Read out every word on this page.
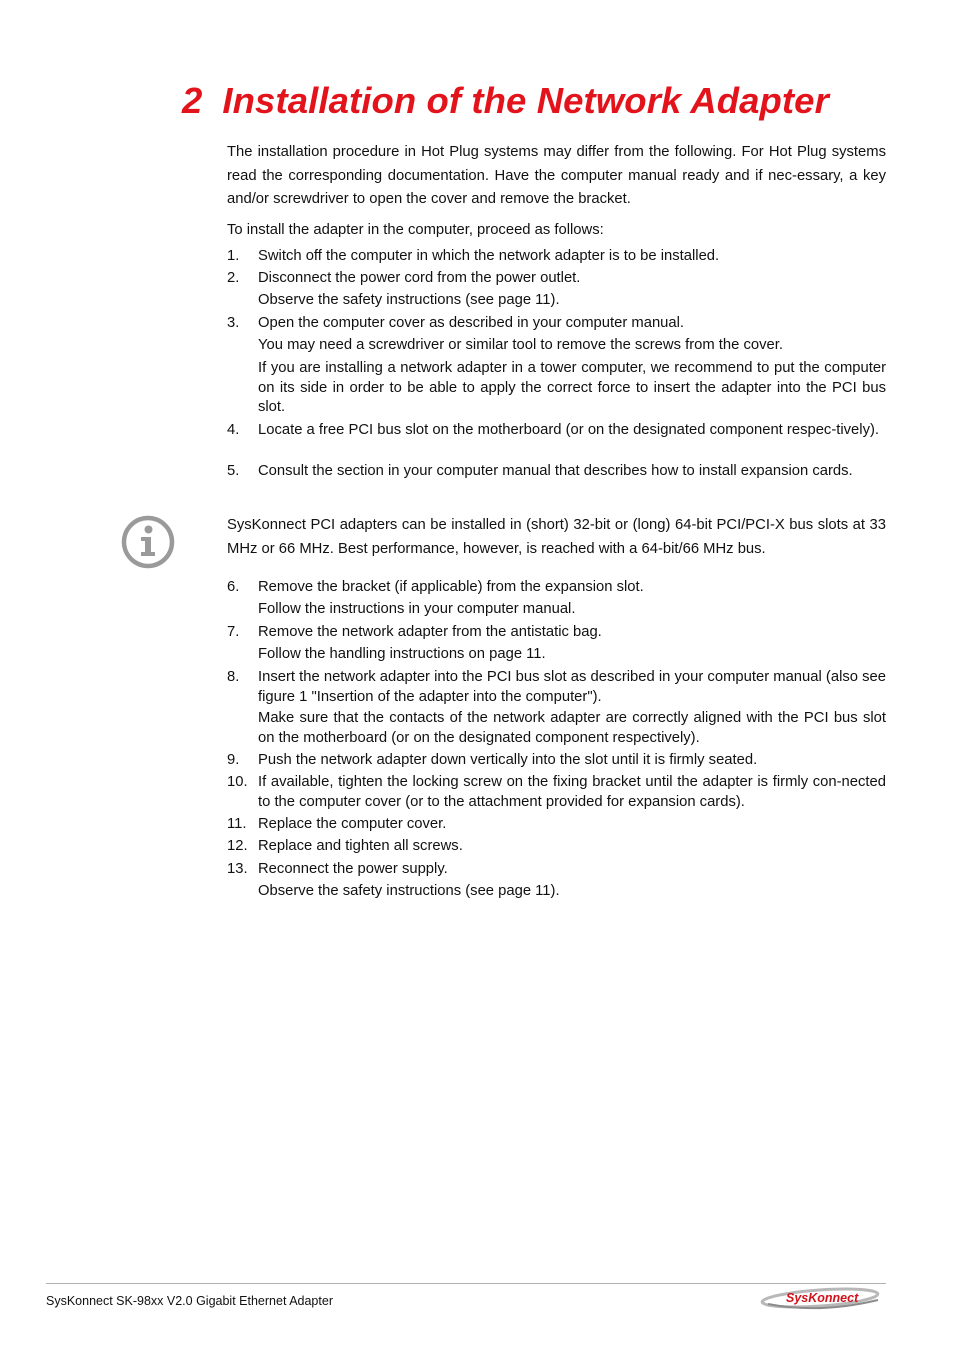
2 Installation of the Network Adapter

The installation procedure in Hot Plug systems may differ from the following. For Hot Plug systems read the corresponding documentation. Have the computer manual ready and if nec-essary, a key and/or screwdriver to open the cover and remove the bracket.

To install the adapter in the computer, proceed as follows:

1. Switch off the computer in which the network adapter is to be installed.
2. Disconnect the power cord from the power outlet.
Observe the safety instructions (see page 11).
3. Open the computer cover as described in your computer manual.
You may need a screwdriver or similar tool to remove the screws from the cover.
If you are installing a network adapter in a tower computer, we recommend to put the computer on its side in order to be able to apply the correct force to insert the adapter into the PCI bus slot.
4. Locate a free PCI bus slot on the motherboard (or on the designated component respec-tively).
5. Consult the section in your computer manual that describes how to install expansion cards.

SysKonnect PCI adapters can be installed in (short) 32-bit or (long) 64-bit PCI/PCI-X bus slots at 33 MHz or 66 MHz. Best performance, however, is reached with a 64-bit/66 MHz bus.

6. Remove the bracket (if applicable) from the expansion slot.
Follow the instructions in your computer manual.
7. Remove the network adapter from the antistatic bag.
Follow the handling instructions on page 11.
8. Insert the network adapter into the PCI bus slot as described in your computer manual (also see figure 1 "Insertion of the adapter into the computer").
Make sure that the contacts of the network adapter are correctly aligned with the PCI bus slot on the motherboard (or on the designated component respectively).
9. Push the network adapter down vertically into the slot until it is firmly seated.
10. If available, tighten the locking screw on the fixing bracket until the adapter is firmly con-nected to the computer cover (or to the attachment provided for expansion cards).
11. Replace the computer cover.
12. Replace and tighten all screws.
13. Reconnect the power supply.
Observe the safety instructions (see page 11).
SysKonnect SK-98xx V2.0 Gigabit Ethernet Adapter	SysKonnect
